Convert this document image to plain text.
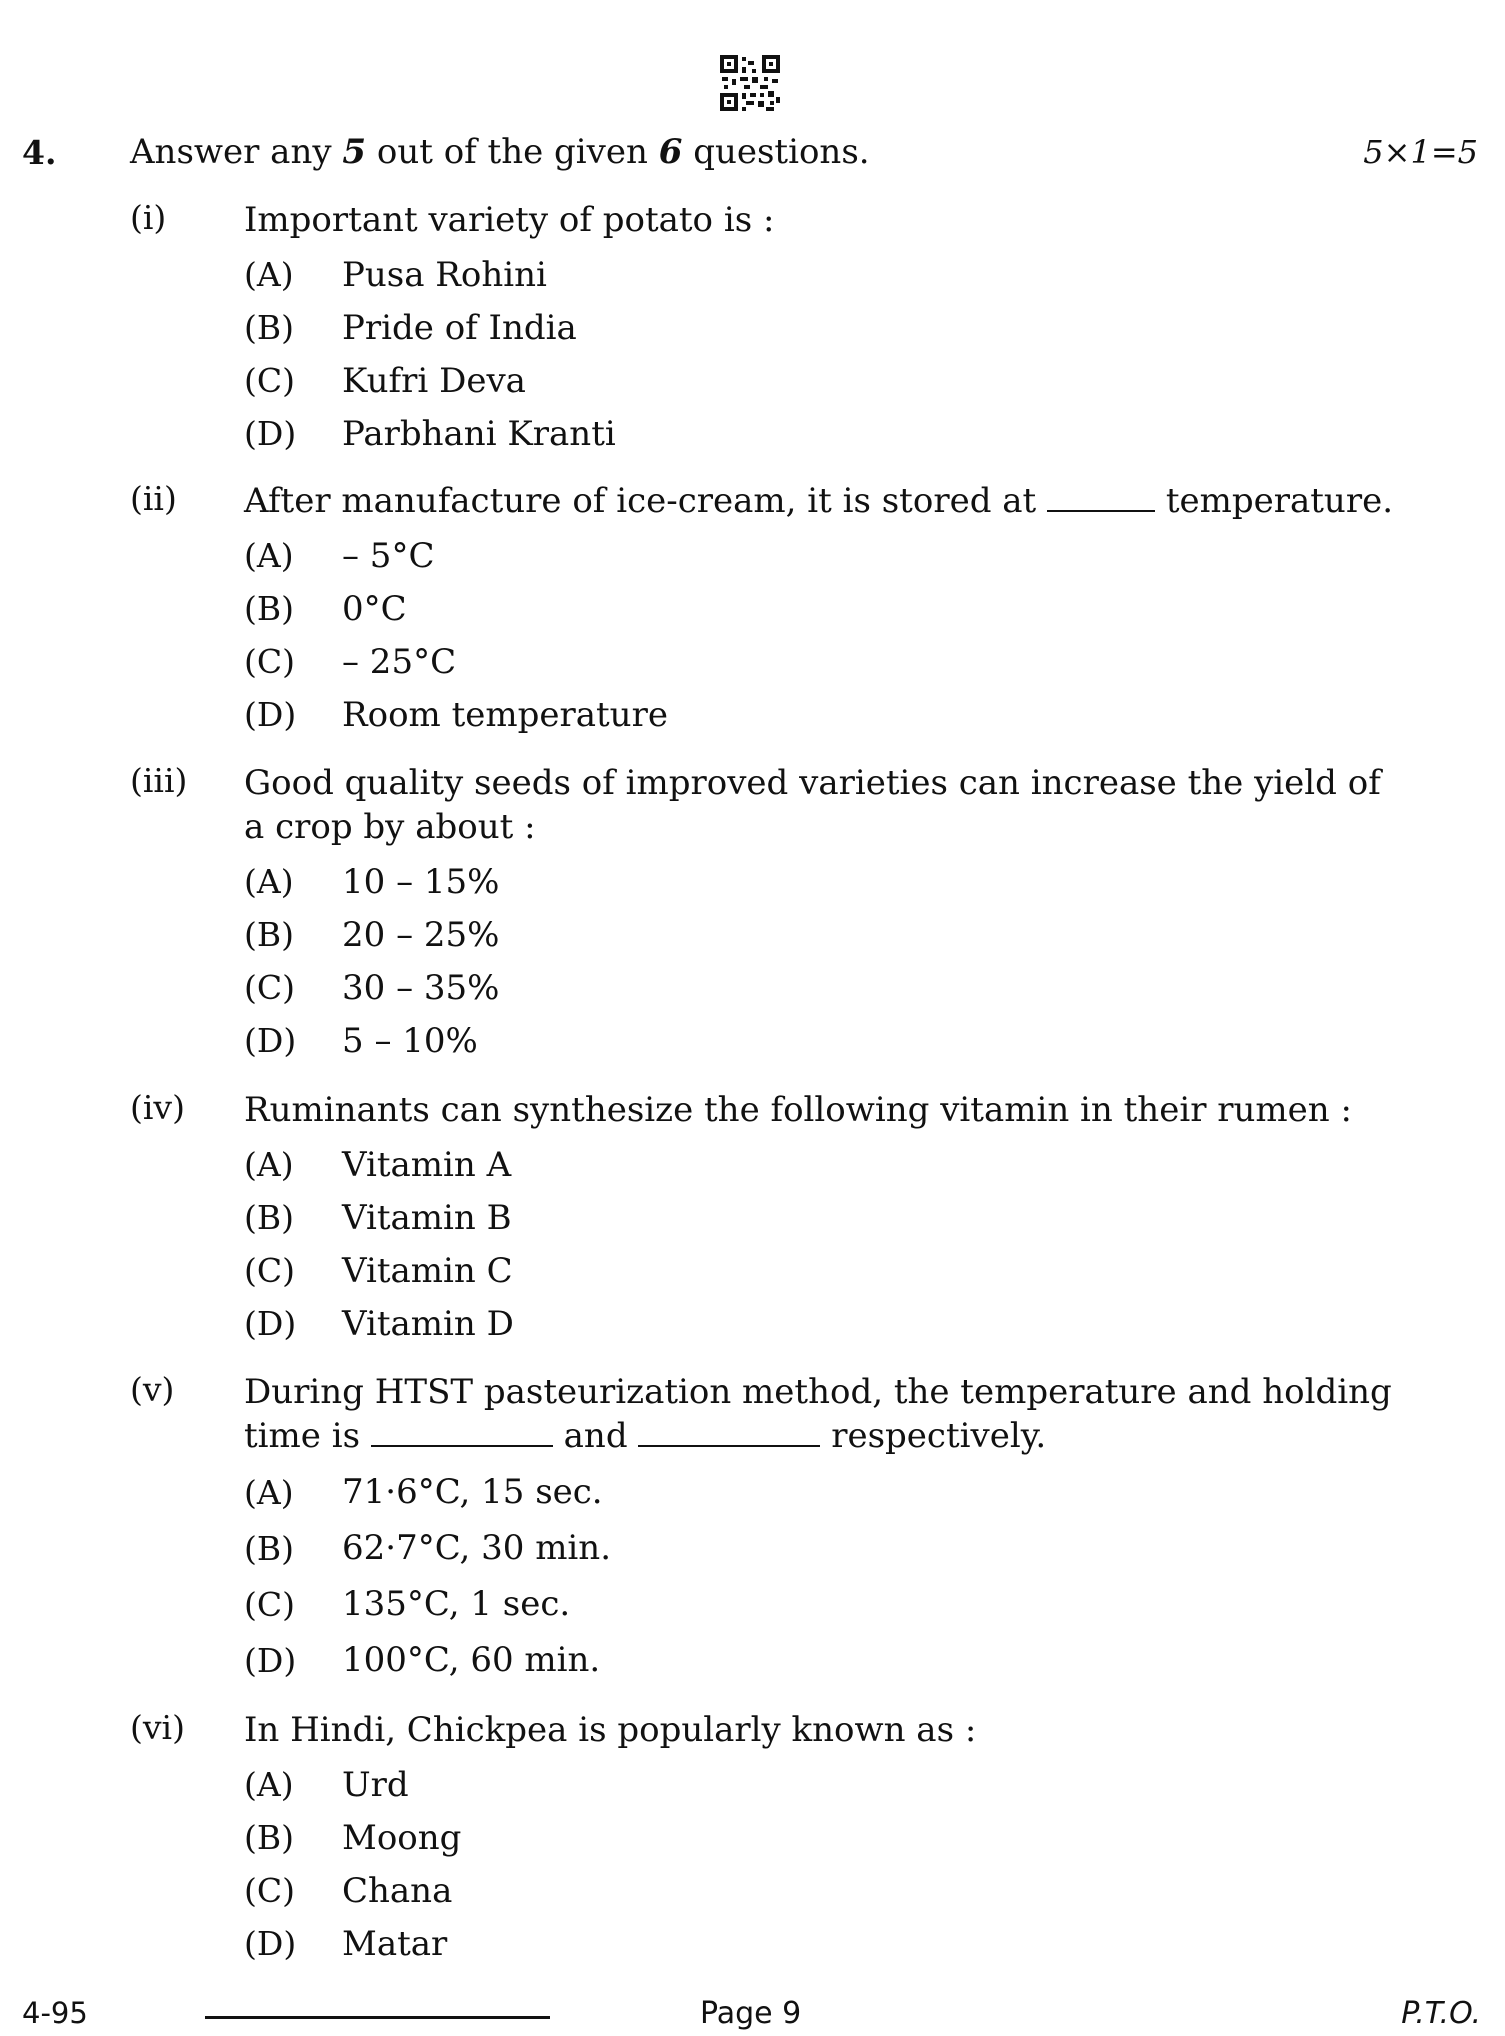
4. Answer any 5 out of the given 6 questions.	5×1=5
(i) Important variety of potato is :
(A)	Pusa Rohini
(B)	Pride of India
(C)	Kufri Deva
(D)	Parbhani Kranti
(ii) After manufacture of ice-cream, it is stored at	temperature.
(A)	– 5°C
(B)	0°C
(C)	– 25°C
(D)	Room temperature
(iii) Good quality seeds of improved varieties can increase the yield of a crop by about :
(A)	10 – 15%
(B)	20 – 25%
(C)	30 – 35%
(D)	5 – 10%
(iv) Ruminants can synthesize the following vitamin in their rumen :
(A)	Vitamin A
(B)	Vitamin B
(C)	Vitamin C
(D)	Vitamin D
(v) During HTST pasteurization method, the temperature and holding
time is	and	respectively.
(A)	71·6°C, 15 sec.
(B)	62·7°C, 30 min.
(C)	135°C, 1 sec.
(D)	100°C, 60 min.
(vi) In Hindi, Chickpea is popularly known as :
(A)	Urd
(B)	Moong
(C)	Chana
(D)	Matar
4-95	Page 9	P.T.O.
